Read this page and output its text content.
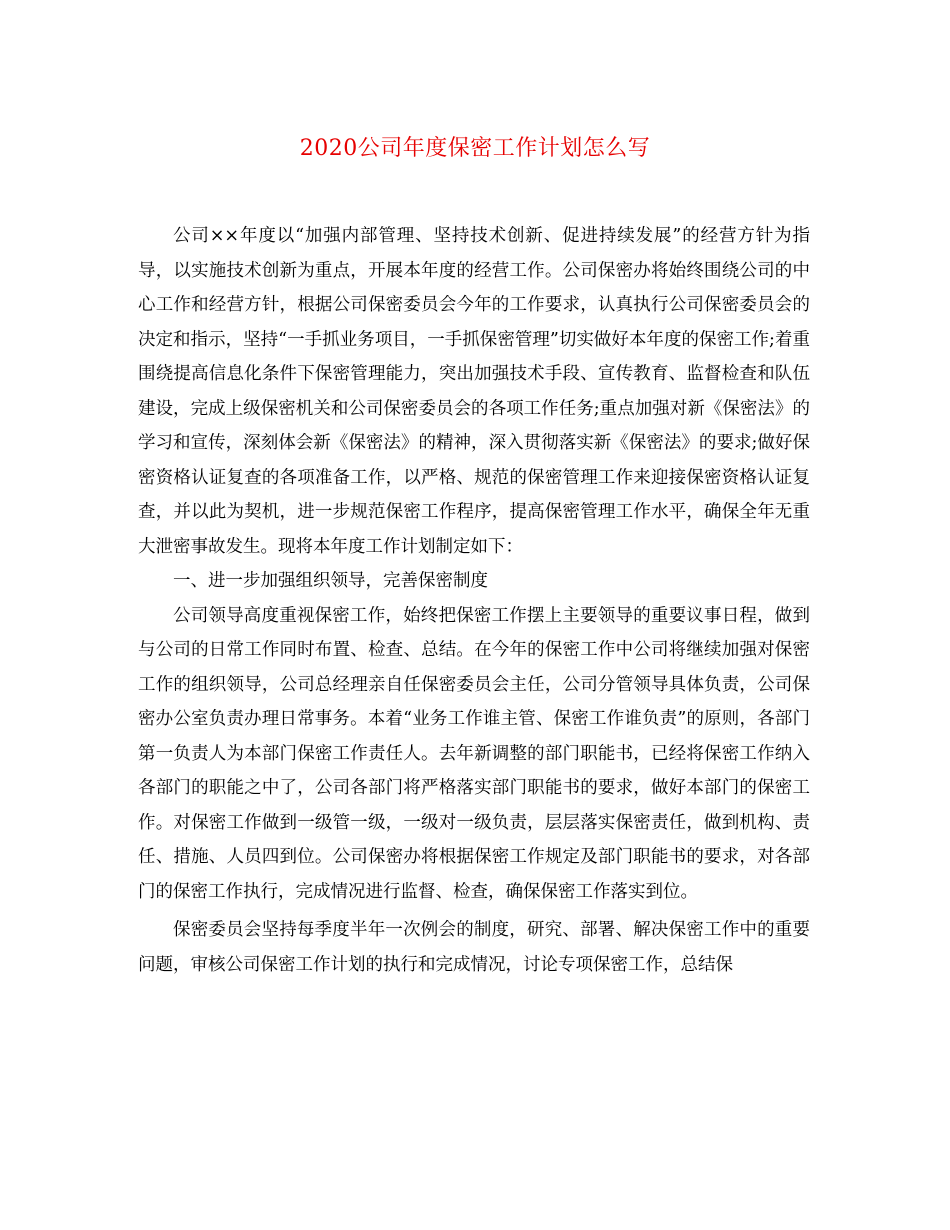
2020公司年度保密工作计划怎么写

公司××年度以“加强内部管理、坚持技术创新、促进持续发展”的经营方针为指导，以实施技术创新为重点，开展本年度的经营工作。公司保密办将始终围绕公司的中心工作和经营方针，根据公司保密委员会今年的工作要求，认真执行公司保密委员会的决定和指示，坚持“一手抓业务项目，一手抓保密管理”切实做好本年度的保密工作;着重围绕提高信息化条件下保密管理能力，突出加强技术手段、宣传教育、监督检查和队伍建设，完成上级保密机关和公司保密委员会的各项工作任务;重点加强对新《保密法》的学习和宣传，深刻体会新《保密法》的精神，深入贯彻落实新《保密法》的要求;做好保密资格认证复查的各项准备工作，以严格、规范的保密管理工作来迎接保密资格认证复查，并以此为契机，进一步规范保密工作程序，提高保密管理工作水平，确保全年无重大泄密事故发生。现将本年度工作计划制定如下：

一、进一步加强组织领导，完善保密制度

公司领导高度重视保密工作，始终把保密工作摆上主要领导的重要议事日程，做到与公司的日常工作同时布置、检查、总结。在今年的保密工作中公司将继续加强对保密工作的组织领导，公司总经理亲自任保密委员会主任，公司分管领导具体负责，公司保密办公室负责办理日常事务。本着“业务工作谁主管、保密工作谁负责”的原则，各部门第一负责人为本部门保密工作责任人。去年新调整的部门职能书，已经将保密工作纳入各部门的职能之中了，公司各部门将严格落实部门职能书的要求，做好本部门的保密工作。对保密工作做到一级管一级，一级对一级负责，层层落实保密责任，做到机构、责任、措施、人员四到位。公司保密办将根据保密工作规定及部门职能书的要求，对各部门的保密工作执行，完成情况进行监督、检查，确保保密工作落实到位。

保密委员会坚持每季度半年一次例会的制度，研究、部署、解决保密工作中的重要问题，审核公司保密工作计划的执行和完成情况，讨论专项保密工作，总结保
